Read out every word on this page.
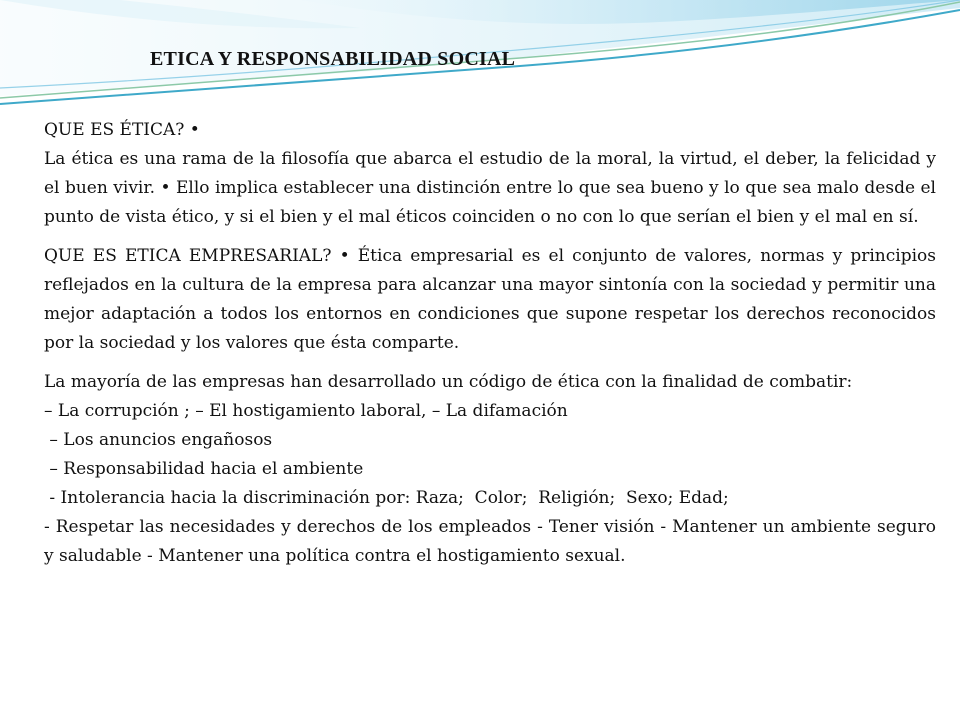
ETICA Y RESPONSABILIDAD SOCIAL

QUE ES ÉTICA? •

La ética es una rama de la filosofía que abarca el estudio de la moral, la virtud, el deber, la felicidad y el buen vivir. • Ello implica establecer una distinción entre lo que sea bueno y lo que sea malo desde el punto de vista ético, y si el bien y el mal éticos coinciden o no con lo que serían el bien y el mal en sí.

QUE ES ETICA EMPRESARIAL? • Ética empresarial es el conjunto de valores, normas y principios reflejados en la cultura de la empresa para alcanzar una mayor sintonía con la sociedad y permitir una mejor adaptación a todos los entornos en condiciones que supone respetar los derechos reconocidos por la sociedad y los valores que ésta comparte.

La mayoría de las empresas han desarrollado un código de ética con la finalidad de combatir:

– La corrupción ; – El hostigamiento laboral, – La difamación
– Los anuncios engañosos
– Responsabilidad hacia el ambiente
- Intolerancia hacia la discriminación por: Raza;  Color;  Religión;  Sexo; Edad;

- Respetar las necesidades y derechos de los empleados - Tener visión - Mantener un ambiente seguro y saludable - Mantener una política contra el hostigamiento sexual.
